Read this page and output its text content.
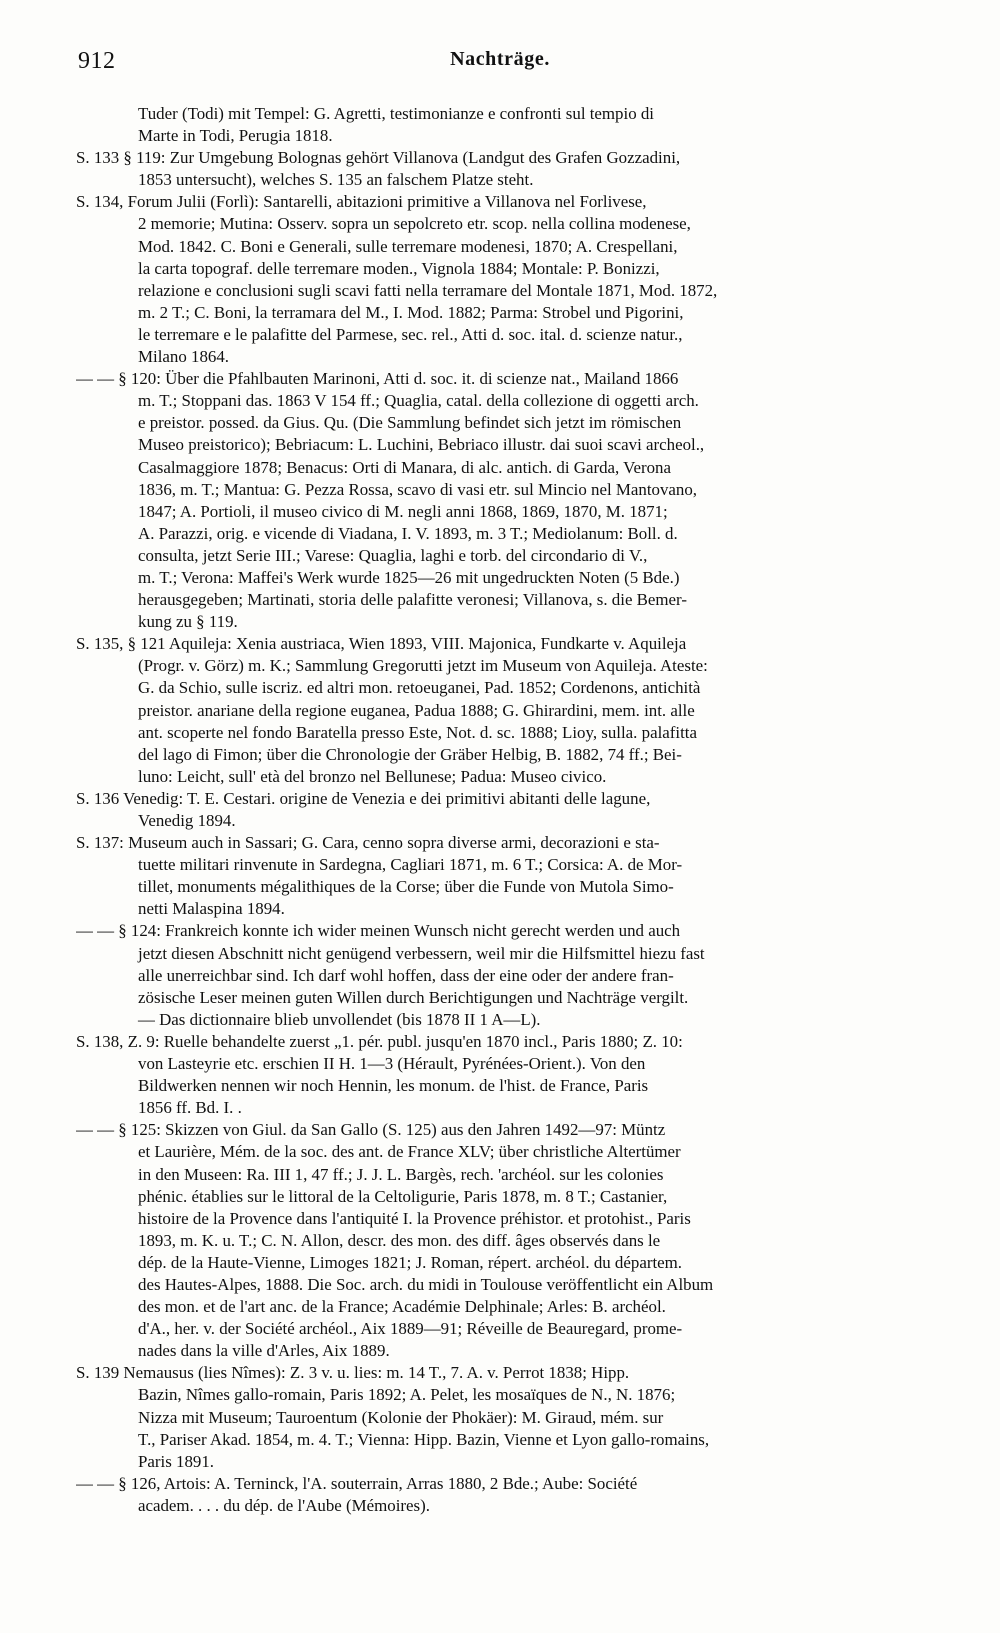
912	Nachträge.
Tuder (Todi) mit Tempel: G. Agretti, testimonianze e confronti sul tempio di
Marte in Todi, Perugia 1818.
S. 133 § 119: Zur Umgebung Bolognas gehört Villanova (Landgut des Grafen Gozzadini,
1853 untersucht), welches S. 135 an falschem Platze steht.
S. 134, Forum Julii (Forlì): Santarelli, abitazioni primitive a Villanova nel Forlivese,
2 memorie; Mutina: Osserv. sopra un sepolcreto etr. scop. nella collina modenese,
Mod. 1842. C. Boni e Generali, sulle terremare modenesi, 1870; A. Crespellani,
la carta topograf. delle terremare moden., Vignola 1884; Montale: P. Bonizzi,
relazione e conclusioni sugli scavi fatti nella terramare del Montale 1871, Mod. 1872,
m. 2 T.; C. Boni, la terramara del M., I. Mod. 1882; Parma: Strobel und Pigorini,
le terremare e le palafitte del Parmese, sec. rel., Atti d. soc. ital. d. scienze natur.,
Milano 1864.
— — § 120: Über die Pfahlbauten Marinoni, Atti d. soc. it. di scienze nat., Mailand 1866
m. T.; Stoppani das. 1863 V 154 ff.; Quaglia, catal. della collezione di oggetti arch.
e preistor. possed. da Gius. Qu. (Die Sammlung befindet sich jetzt im römischen
Museo preistorico); Bebriacum: L. Luchini, Bebriaco illustr. dai suoi scavi archeol.,
Casalmaggiore 1878; Benacus: Orti di Manara, di alc. antich. di Garda, Verona
1836, m. T.; Mantua: G. Pezza Rossa, scavo di vasi etr. sul Mincio nel Mantovano,
1847; A. Portioli, il museo civico di M. negli anni 1868, 1869, 1870, M. 1871;
A. Parazzi, orig. e vicende di Viadana, I. V. 1893, m. 3 T.; Mediolanum: Boll. d.
consulta, jetzt Serie III.; Varese: Quaglia, laghi e torb. del circondario di V.,
m. T.; Verona: Maffei's Werk wurde 1825—26 mit ungedruckten Noten (5 Bde.)
herausgegeben; Martinati, storia delle palafitte veronesi; Villanova, s. die Bemer-
kung zu § 119.
S. 135, § 121 Aquileja: Xenia austriaca, Wien 1893, VIII. Majonica, Fundkarte v. Aquileja
(Progr. v. Görz) m. K.; Sammlung Gregorutti jetzt im Museum von Aquileja. Ateste:
G. da Schio, sulle iscriz. ed altri mon. retoeuganei, Pad. 1852; Cordenons, antichità
preistor. anariane della regione euganea, Padua 1888; G. Ghirardini, mem. int. alle
ant. scoperte nel fondo Baratella presso Este, Not. d. sc. 1888; Lioy, sulla. palafitta
del lago di Fimon; über die Chronologie der Gräber Helbig, B. 1882, 74 ff.; Bei-
luno: Leicht, sull' età del bronzo nel Bellunese; Padua: Museo civico.
S. 136 Venedig: T. E. Cestari. origine de Venezia e dei primitivi abitanti delle lagune,
Venedig 1894.
S. 137: Museum auch in Sassari; G. Cara, cenno sopra diverse armi, decorazioni e sta-
tuette militari rinvenute in Sardegna, Cagliari 1871, m. 6 T.; Corsica: A. de Mor-
tillet, monuments mégalithiques de la Corse; über die Funde von Mutola Simo-
netti Malaspina 1894.
— — § 124: Frankreich konnte ich wider meinen Wunsch nicht gerecht werden und auch
jetzt diesen Abschnitt nicht genügend verbessern, weil mir die Hilfsmittel hiezu fast
alle unerreichbar sind. Ich darf wohl hoffen, dass der eine oder der andere fran-
zösische Leser meinen guten Willen durch Berichtigungen und Nachträge vergilt.
— Das dictionnaire blieb unvollendet (bis 1878 II 1 A—L).
S. 138, Z. 9: Ruelle behandelte zuerst „1. pér. publ. jusqu'en 1870 incl., Paris 1880; Z. 10:
von Lasteyrie etc. erschien II H. 1—3 (Hérault, Pyrénées-Orient.). Von den
Bildwerken nennen wir noch Hennin, les monum. de l'hist. de France, Paris
1856 ff. Bd. I. .
— — § 125: Skizzen von Giul. da San Gallo (S. 125) aus den Jahren 1492—97: Müntz
et Laurière, Mém. de la soc. des ant. de France XLV; über christliche Altertümer
in den Museen: Ra. III 1, 47 ff.; J. J. L. Bargès, rech. 'archéol. sur les colonies
phénic. établies sur le littoral de la Celtoligurie, Paris 1878, m. 8 T.; Castanier,
histoire de la Provence dans l'antiquité I. la Provence préhistor. et protohist., Paris
1893, m. K. u. T.; C. N. Allon, descr. des mon. des diff. âges observés dans le
dép. de la Haute-Vienne, Limoges 1821; J. Roman, répert. archéol. du départem.
des Hautes-Alpes, 1888. Die Soc. arch. du midi in Toulouse veröffentlicht ein Album
des mon. et de l'art anc. de la France; Académie Delphinale; Arles: B. archéol.
d'A., her. v. der Société archéol., Aix 1889—91; Réveille de Beauregard, prome-
nades dans la ville d'Arles, Aix 1889.
S. 139 Nemausus (lies Nîmes): Z. 3 v. u. lies: m. 14 T., 7. A. v. Perrot 1838; Hipp.
Bazin, Nîmes gallo-romain, Paris 1892; A. Pelet, les mosaïques de N., N. 1876;
Nizza mit Museum; Tauroentum (Kolonie der Phokäer): M. Giraud, mém. sur
T., Pariser Akad. 1854, m. 4. T.; Vienna: Hipp. Bazin, Vienne et Lyon gallo-romains,
Paris 1891.
— — § 126, Artois: A. Terninck, l'A. souterrain, Arras 1880, 2 Bde.; Aube: Société
academ. . . . du dép. de l'Aube (Mémoires).
